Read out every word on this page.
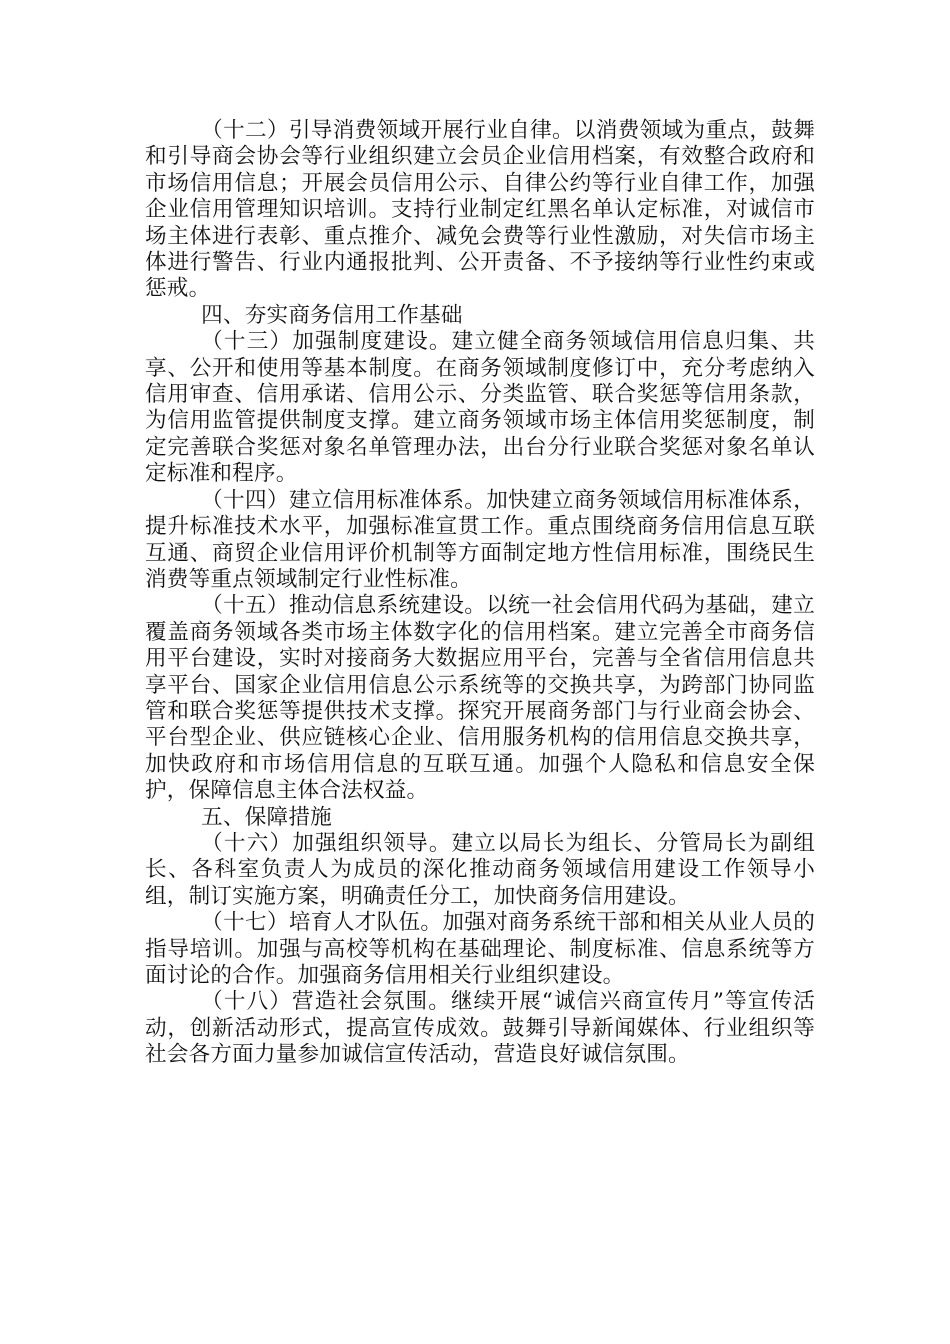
（十二）引导消费领域开展行业自律。以消费领域为重点，鼓舞和引导商会协会等行业组织建立会员企业信用档案，有效整合政府和市场信用信息；开展会员信用公示、自律公约等行业自律工作，加强企业信用管理知识培训。支持行业制定红黑名单认定标准，对诚信市场主体进行表彰、重点推介、减免会费等行业性激励，对失信市场主体进行警告、行业内通报批判、公开责备、不予接纳等行业性约束或惩戒。

四、夯实商务信用工作基础

（十三）加强制度建设。建立健全商务领域信用信息归集、共享、公开和使用等基本制度。在商务领域制度修订中，充分考虑纳入信用审查、信用承诺、信用公示、分类监管、联合奖惩等信用条款，为信用监管提供制度支撑。建立商务领域市场主体信用奖惩制度，制定完善联合奖惩对象名单管理办法，出台分行业联合奖惩对象名单认定标准和程序。

（十四）建立信用标准体系。加快建立商务领域信用标准体系，提升标准技术水平，加强标准宣贯工作。重点围绕商务信用信息互联互通、商贸企业信用评价机制等方面制定地方性信用标准，围绕民生消费等重点领域制定行业性标准。

（十五）推动信息系统建设。以统一社会信用代码为基础，建立覆盖商务领域各类市场主体数字化的信用档案。建立完善全市商务信用平台建设，实时对接商务大数据应用平台，完善与全省信用信息共享平台、国家企业信用信息公示系统等的交换共享，为跨部门协同监管和联合奖惩等提供技术支撑。探究开展商务部门与行业商会协会、平台型企业、供应链核心企业、信用服务机构的信用信息交换共享，加快政府和市场信用信息的互联互通。加强个人隐私和信息安全保护，保障信息主体合法权益。

五、保障措施

（十六）加强组织领导。建立以局长为组长、分管局长为副组长、各科室负责人为成员的深化推动商务领域信用建设工作领导小组，制订实施方案，明确责任分工，加快商务信用建设。

（十七）培育人才队伍。加强对商务系统干部和相关从业人员的指导培训。加强与高校等机构在基础理论、制度标准、信息系统等方面讨论的合作。加强商务信用相关行业组织建设。

（十八）营造社会氛围。继续开展“诚信兴商宣传月”等宣传活动，创新活动形式，提高宣传成效。鼓舞引导新闻媒体、行业组织等社会各方面力量参加诚信宣传活动，营造良好诚信氛围。
